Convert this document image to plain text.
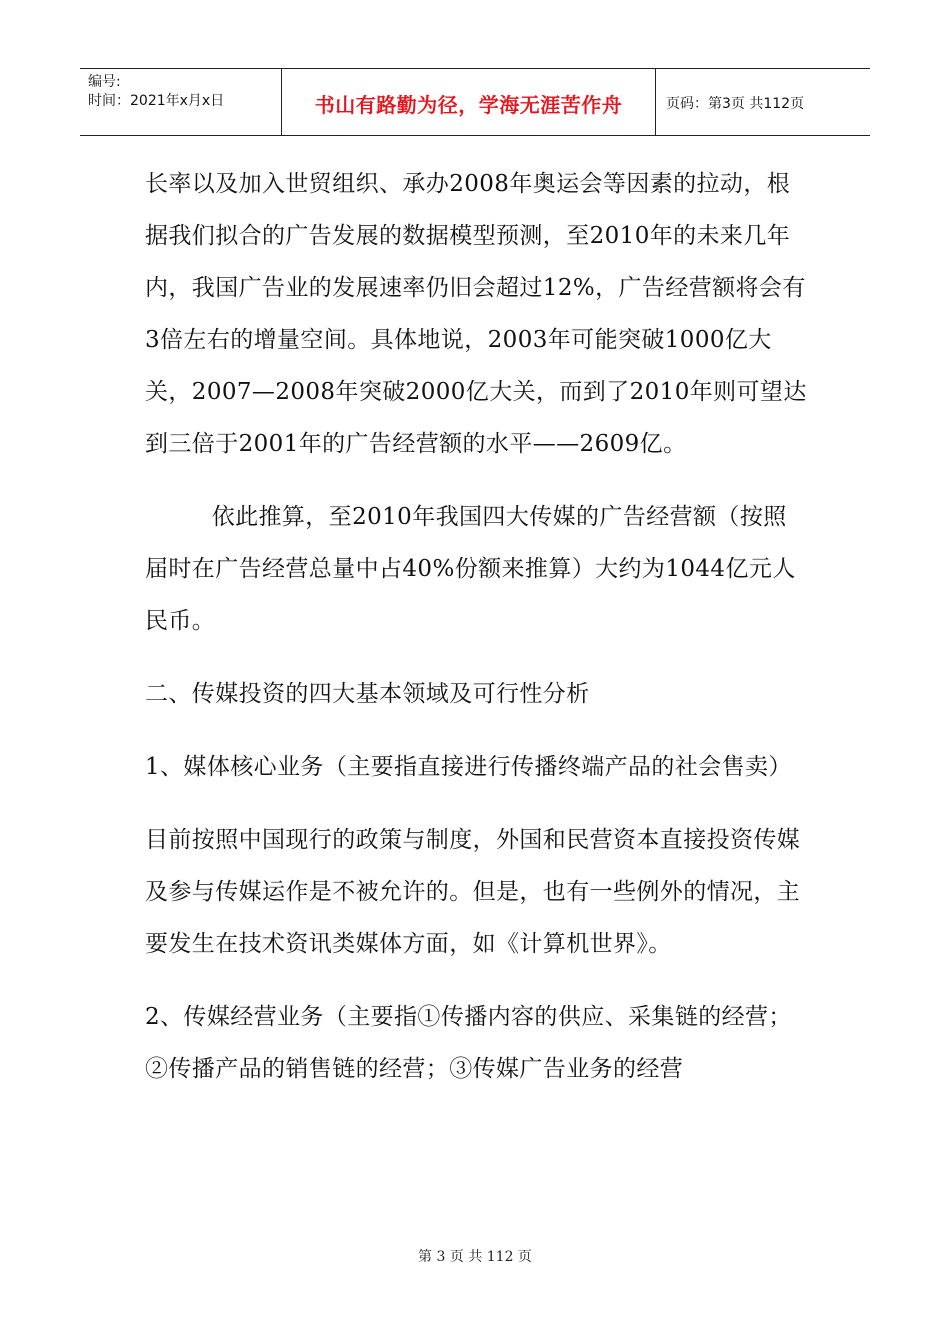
编号:
时间：2021年x月x日	书山有路勤为径，学海无涯苦作舟	页码：第3页 共112页

长率以及加入世贸组织、承办2008年奥运会等因素的拉动，根据我们拟合的广告发展的数据模型预测，至2010年的未来几年内，我国广告业的发展速率仍旧会超过12%，广告经营额将会有3倍左右的增量空间。具体地说，2003年可能突破1000亿大关，2007—2008年突破2000亿大关，而到了2010年则可望达到三倍于2001年的广告经营额的水平——2609亿。

依此推算，至2010年我国四大传媒的广告经营额（按照届时在广告经营总量中占40%份额来推算）大约为1044亿元人民币。

二、传媒投资的四大基本领域及可行性分析

1、媒体核心业务（主要指直接进行传播终端产品的社会售卖）

目前按照中国现行的政策与制度，外国和民营资本直接投资传媒及参与传媒运作是不被允许的。但是，也有一些例外的情况，主要发生在技术资讯类媒体方面，如《计算机世界》。

2、传媒经营业务（主要指①传播内容的供应、采集链的经营；②传播产品的销售链的经营；③传媒广告业务的经营

第 3 页 共 112 页
